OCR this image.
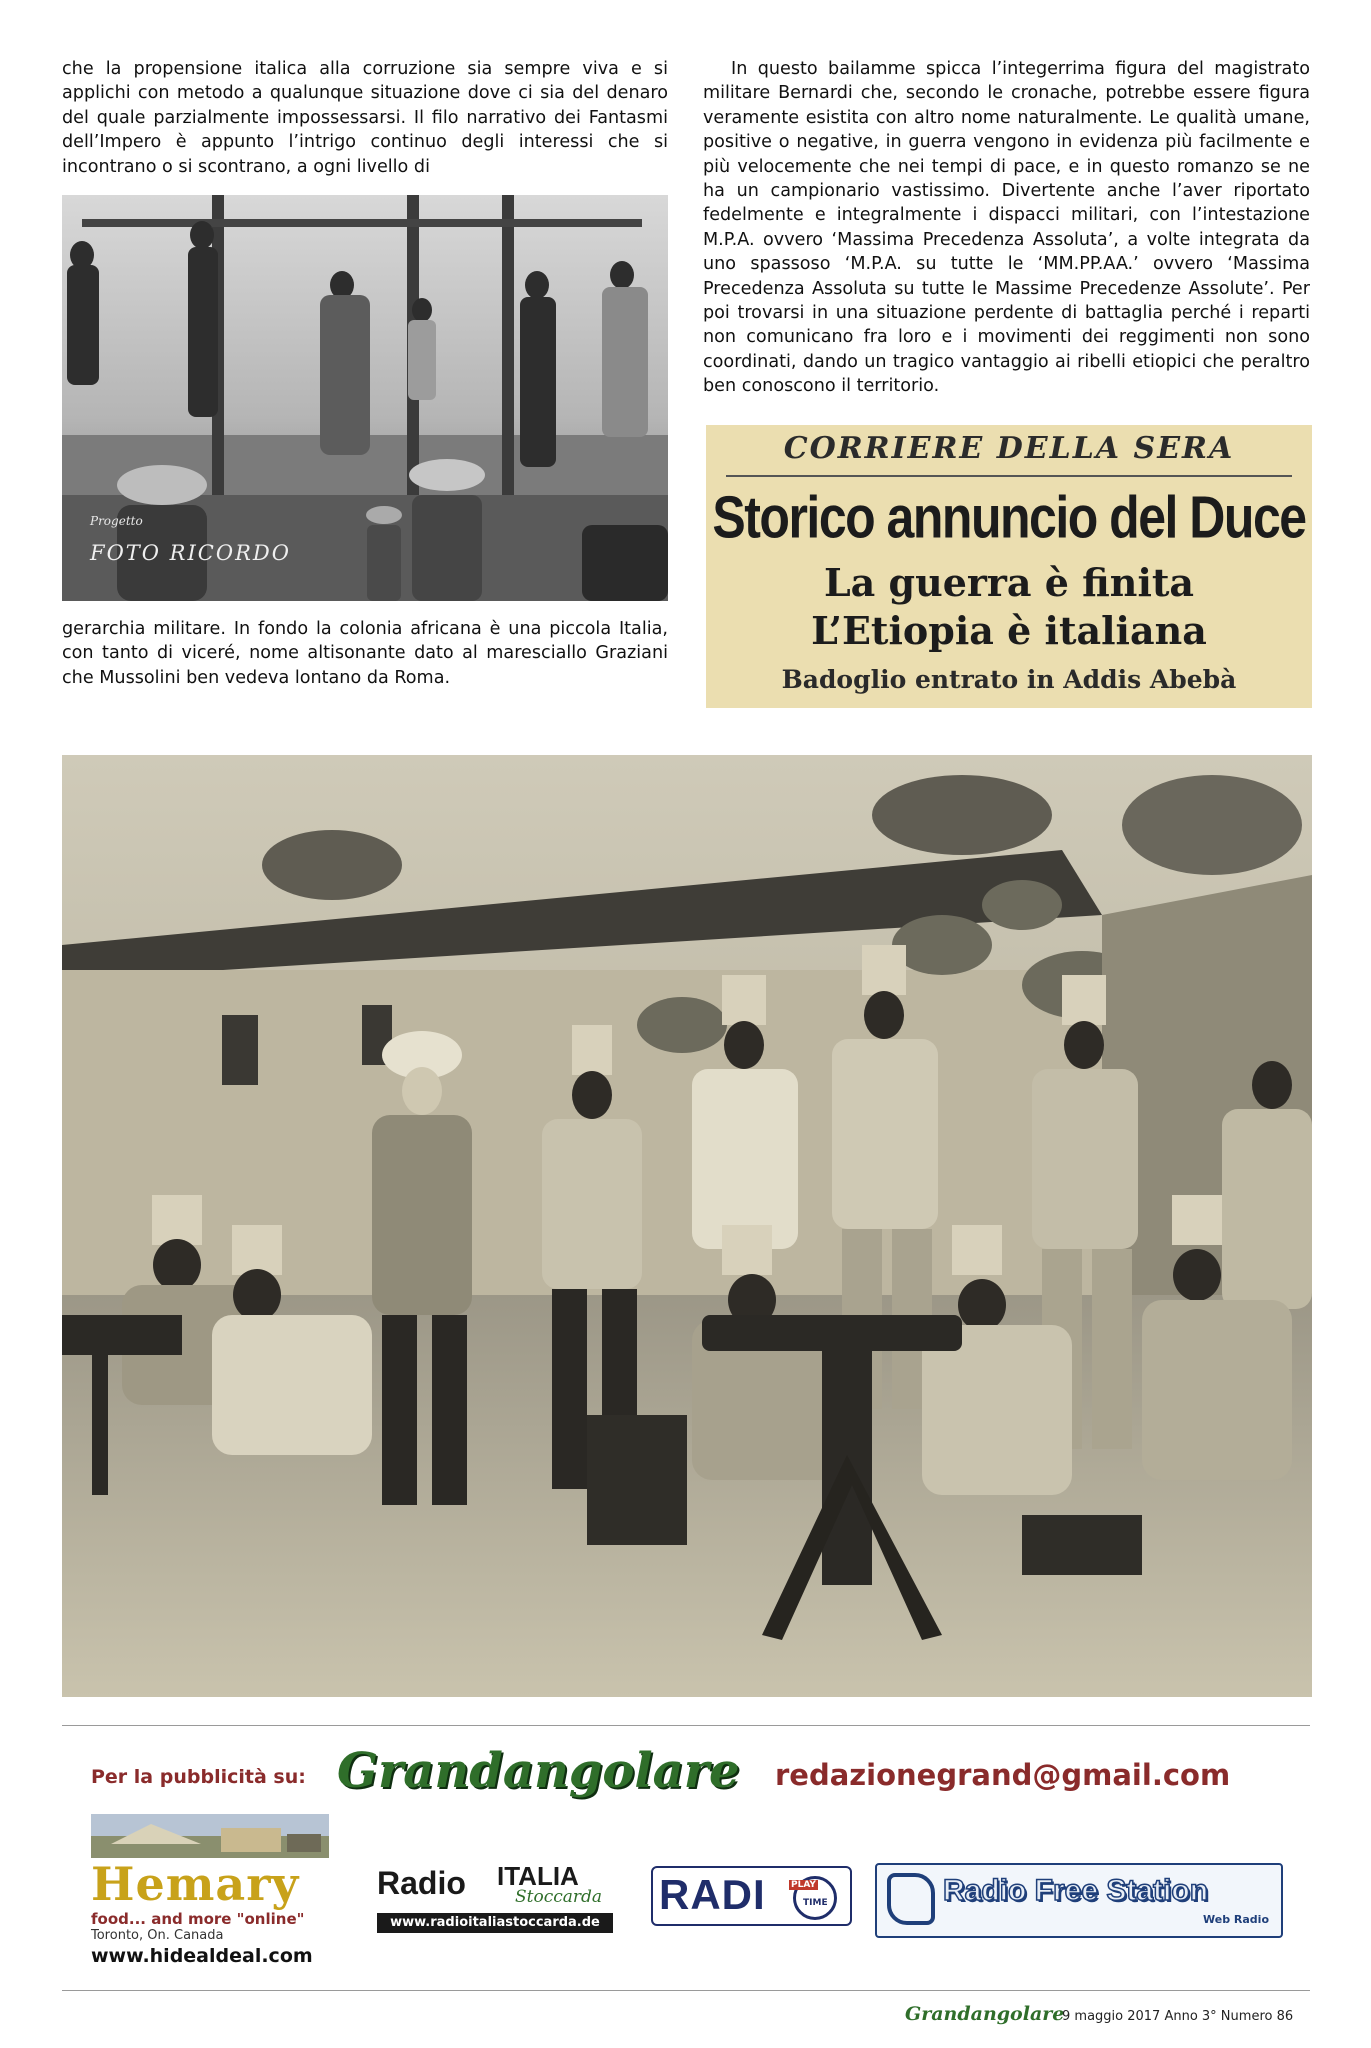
che la propensione italica alla corruzione sia sempre viva e si applichi con metodo a qualunque situazione dove ci sia del denaro del quale parzialmente impossessarsi. Il filo narrativo dei Fantasmi dell’Impero è appunto l’intrigo continuo degli interessi che si incontrano o si scontrano, a ogni livello di

In questo bailamme spicca l’integerrima figura del magistrato militare Bernardi che, secondo le cronache, potrebbe essere figura veramente esistita con altro nome naturalmente. Le qualità umane, positive o negative, in guerra vengono in evidenza più facilmente e più velocemente che nei tempi di pace, e in questo romanzo se ne ha un campionario vastissimo. Divertente anche l’aver riportato fedelmente e integralmente i dispacci militari, con l’intestazione M.P.A. ovvero ‘Massima Precedenza Assoluta’, a volte integrata da uno spassoso ‘M.P.A. su tutte le ‘MM.PP.AA.’ ovvero ‘Massima Precedenza Assoluta su tutte le Massime Precedenze Assolute’. Per poi trovarsi in una situazione perdente di battaglia perché i reparti non comunicano fra loro e i movimenti dei reggimenti non sono coordinati, dando un tragico vantaggio ai ribelli etiopici che peraltro ben conoscono il territorio.

Progetto
FOTO RICORDO

gerarchia militare. In fondo la colonia africana è una piccola Italia, con tanto di viceré, nome altisonante dato al maresciallo Graziani che Mussolini ben vedeva lontano da Roma.

CORRIERE DELLA SERA
Storico annuncio del Duce
La guerra è finita
L’Etiopia è italiana
Badoglio entrato in Addis Abebà
Per la pubblicità su: Grandangolare redazionegrand@gmail.com
Hemary
food... and more "online"
Toronto, On. Canada
www.hidealdeal.com
Radio ITALIA
Stoccarda
www.radioitaliastoccarda.de
RADI	PLAY
TIME	Radio Free Station
Web Radio
Grandangolare
9 maggio 2017 Anno 3° Numero 86
